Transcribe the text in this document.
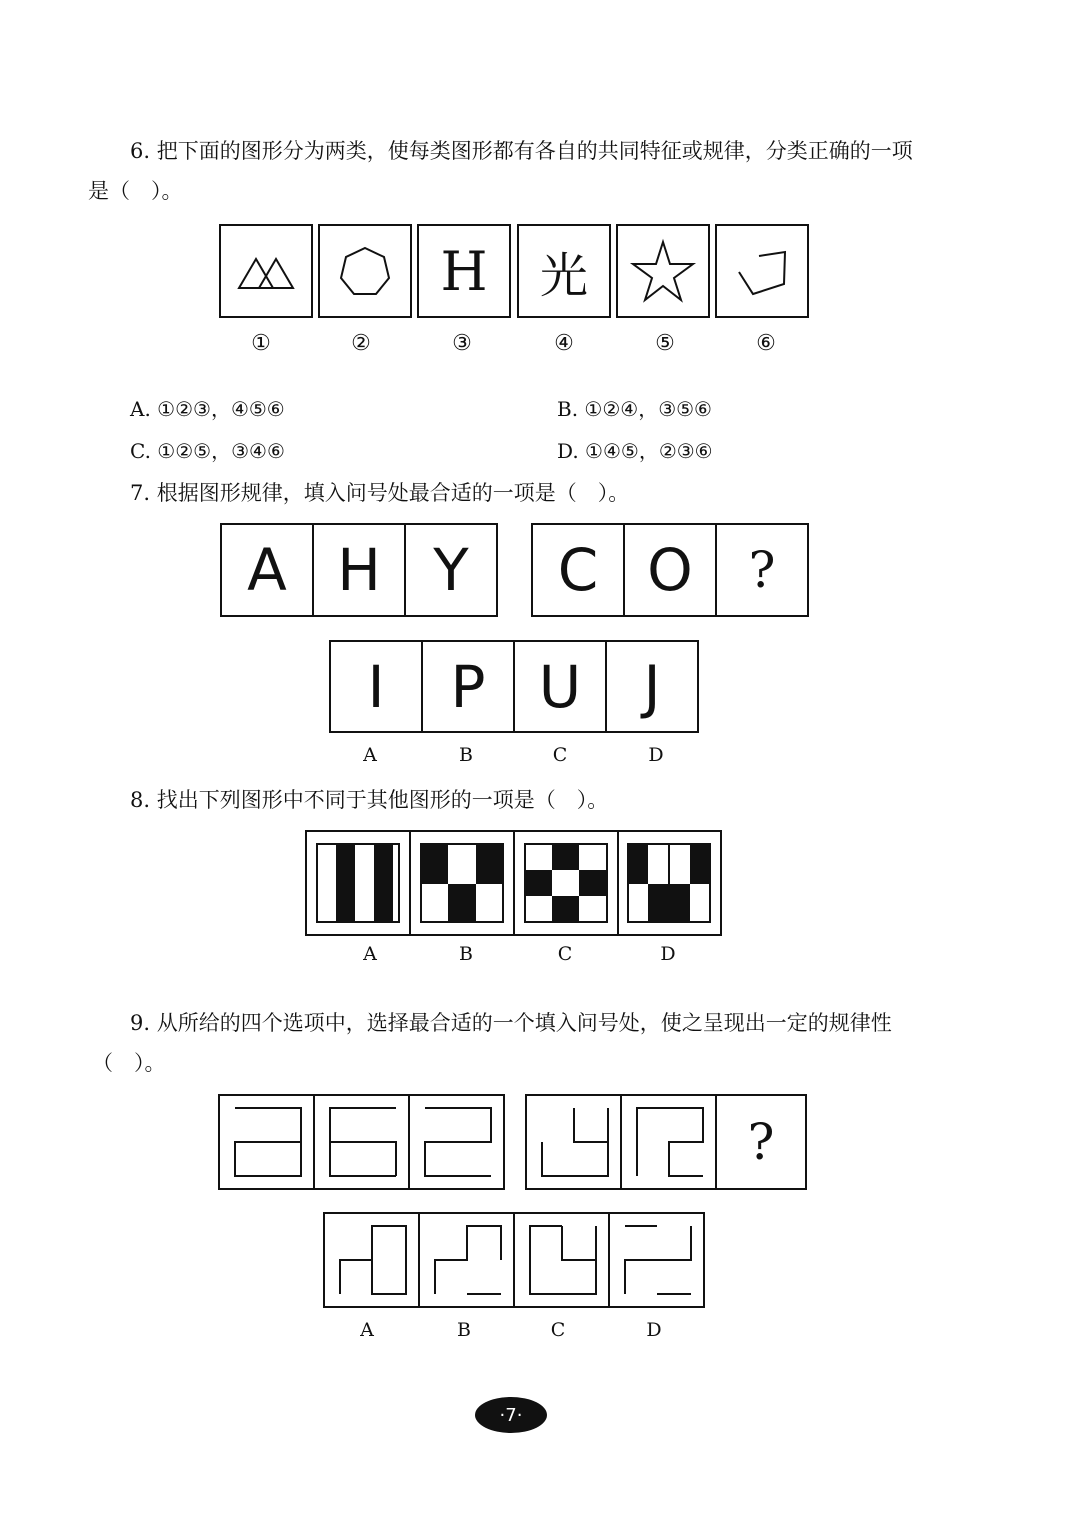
6. 把下面的图形分为两类，使每类图形都有各自的共同特征或规律，分类正确的一项
是（　）。
H	光
①	②	③	④	⑤	⑥
A. ①②③，④⑤⑥	B. ①②④，③⑤⑥
C. ①②⑤，③④⑥	D. ①④⑤，②③⑥
7. 根据图形规律，填入问号处最合适的一项是（　）。
A H Y	C O	?
I	P U	J
A	B	C	D
8. 找出下列图形中不同于其他图形的一项是（　）。
A	B	C	D
9. 从所给的四个选项中，选择最合适的一个填入问号处，使之呈现出一定的规律性
（　）。
?
A	B	C	D
·7·
